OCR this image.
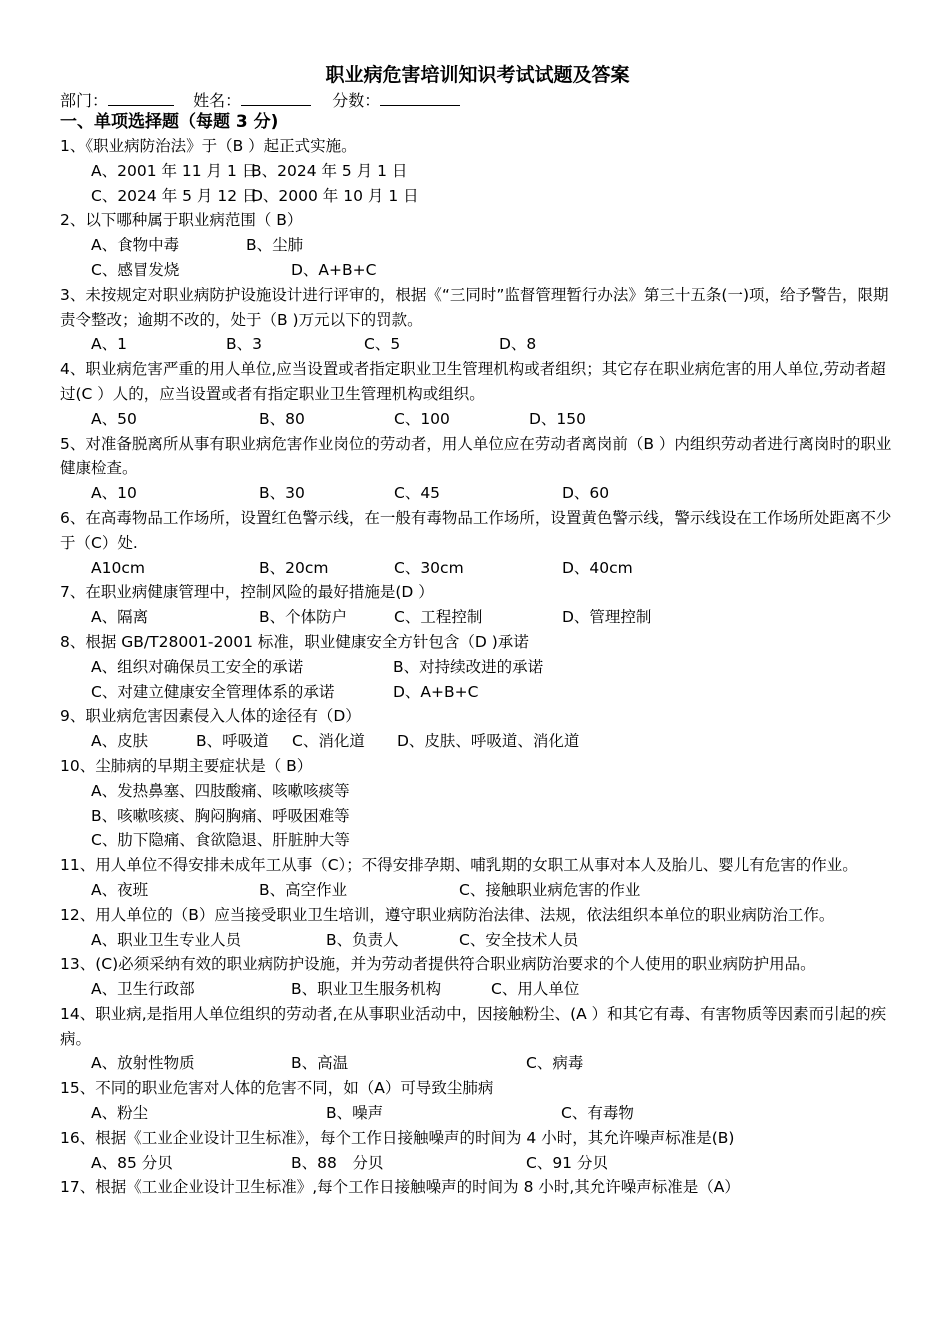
职业病危害培训知识考试试题及答案
部门：	姓名：	分数：
一、单项选择题（每题 3 分)
1、《职业病防治法》于（B ）起正式实施。
A、2001 年 11 月 1 日B、2024 年 5 月 1 日
C、2024 年 5 月 12 日D、2000 年 10 月 1 日
2、以下哪种属于职业病范围（ B）
A、食物中毒	B、尘肺
C、感冒发烧	D、A+B+C
3、未按规定对职业病防护设施设计进行评审的，根据《“三同时”监督管理暂行办法》第三十五条(一)项，给予警告，限期责令整改；逾期不改的，处于（B )万元以下的罚款。
A、1	B、3	C、5	D、8
4、职业病危害严重的用人单位,应当设置或者指定职业卫生管理机构或者组织；其它存在职业病危害的用人单位,劳动者超过(C ）人的，应当设置或者有指定职业卫生管理机构或组织。
A、50	B、80	C、100	D、150
5、对准备脱离所从事有职业病危害作业岗位的劳动者，用人单位应在劳动者离岗前（B ）内组织劳动者进行离岗时的职业健康检查。
A、10	B、30	C、45	D、60
6、在高毒物品工作场所，设置红色警示线，在一般有毒物品工作场所，设置黄色警示线，警示线设在工作场所处距离不少于（C）处.
A10cm	B、20cm	C、30cm	D、40cm
7、在职业病健康管理中，控制风险的最好措施是(D ）
A、隔离	B、个体防户	C、工程控制	D、管理控制
8、根据 GB/T28001-2001 标准，职业健康安全方针包含（D )承诺
A、组织对确保员工安全的承诺	B、对持续改进的承诺
C、对建立健康安全管理体系的承诺	D、A+B+C
9、职业病危害因素侵入人体的途径有（D）
A、皮肤	B、呼吸道 C、消化道 D、皮肤、呼吸道、消化道
10、尘肺病的早期主要症状是（ B）
A、发热鼻塞、四肢酸痛、咳嗽咳痰等
B、咳嗽咳痰、胸闷胸痛、呼吸困难等
C、肋下隐痛、食欲隐退、肝脏肿大等
11、用人单位不得安排未成年工从事（C）；不得安排孕期、哺乳期的女职工从事对本人及胎儿、婴儿有危害的作业。
A、夜班	B、高空作业	C、接触职业病危害的作业
12、用人单位的（B）应当接受职业卫生培训，遵守职业病防治法律、法规，依法组织本单位的职业病防治工作。
A、职业卫生专业人员	B、负责人	C、安全技术人员
13、(C)必须采纳有效的职业病防护设施，并为劳动者提供符合职业病防治要求的个人使用的职业病防护用品。
A、卫生行政部	B、职业卫生服务机构	C、用人单位
14、职业病,是指用人单位组织的劳动者,在从事职业活动中，因接触粉尘、(A ）和其它有毒、有害物质等因素而引起的疾病。
A、放射性物质	B、高温	C、病毒
15、不同的职业危害对人体的危害不同，如（A）可导致尘肺病
A、粉尘	B、噪声	C、有毒物
16、根据《工业企业设计卫生标准》，每个工作日接触噪声的时间为 4 小时，其允许噪声标准是(B)
A、85 分贝	B、88　分贝	C、91 分贝
17、根据《工业企业设计卫生标准》,每个工作日接触噪声的时间为 8 小时,其允许噪声标准是（A）
